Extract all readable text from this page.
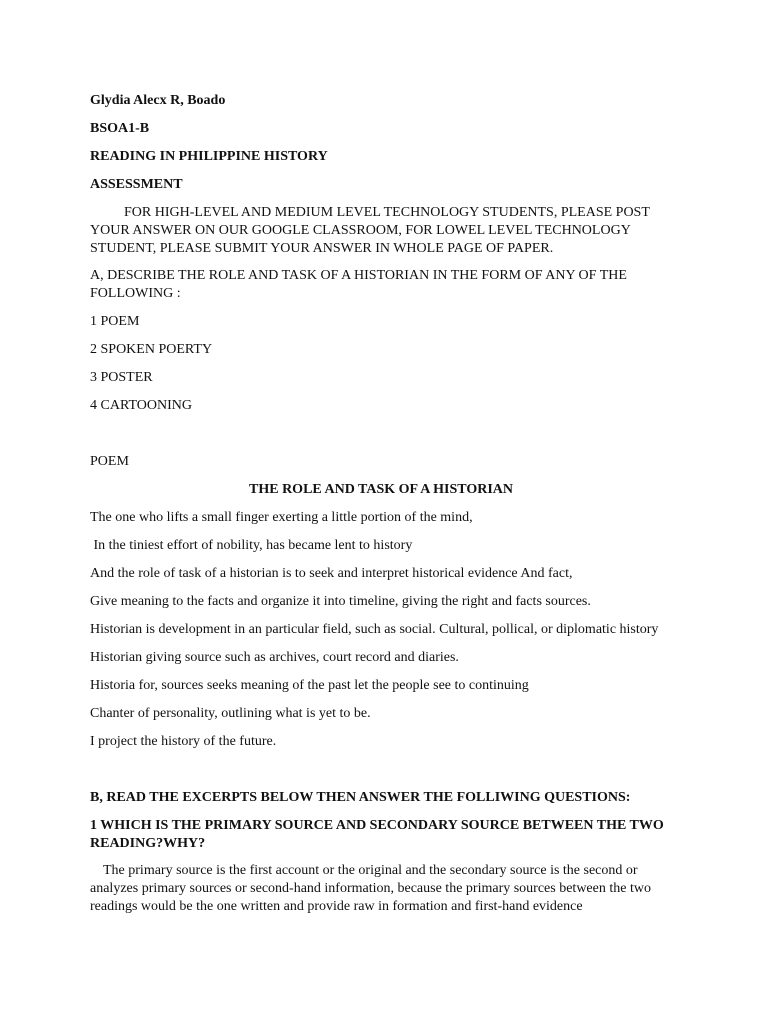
Glydia Alecx R, Boado
BSOA1-B
READING IN PHILIPPINE HISTORY
ASSESSMENT
FOR HIGH-LEVEL AND MEDIUM LEVEL TECHNOLOGY STUDENTS, PLEASE POST YOUR ANSWER ON OUR GOOGLE CLASSROOM, FOR LOWEL LEVEL TECHNOLOGY STUDENT, PLEASE SUBMIT YOUR ANSWER IN WHOLE PAGE OF PAPER.
A, DESCRIBE THE ROLE AND TASK OF A HISTORIAN IN THE FORM OF ANY OF THE FOLLOWING :
1 POEM
2 SPOKEN POERTY
3 POSTER
4 CARTOONING
POEM
THE ROLE AND TASK OF A HISTORIAN
The one who lifts a small finger exerting a little portion of the mind,
In the tiniest effort of nobility, has became lent to history
And the role of task of a historian is to seek and interpret historical evidence And fact,
Give meaning to the facts and organize it into timeline, giving the right and facts sources.
Historian is development in an particular field, such as social. Cultural, pollical, or diplomatic history
Historian giving source such as archives, court record and diaries.
Historia for, sources seeks meaning of the past let the people see to continuing
Chanter of personality, outlining what is yet to be.
I project the history of the future.
B, READ THE EXCERPTS BELOW THEN ANSWER THE FOLLIWING QUESTIONS:
1 WHICH IS THE PRIMARY SOURCE AND SECONDARY SOURCE BETWEEN THE TWO READING?WHY?
The primary source is the first account or the original and the secondary source is the second or analyzes primary sources or second-hand information, because the primary sources between the two readings would be the one written and provide raw in formation and first-hand evidence
